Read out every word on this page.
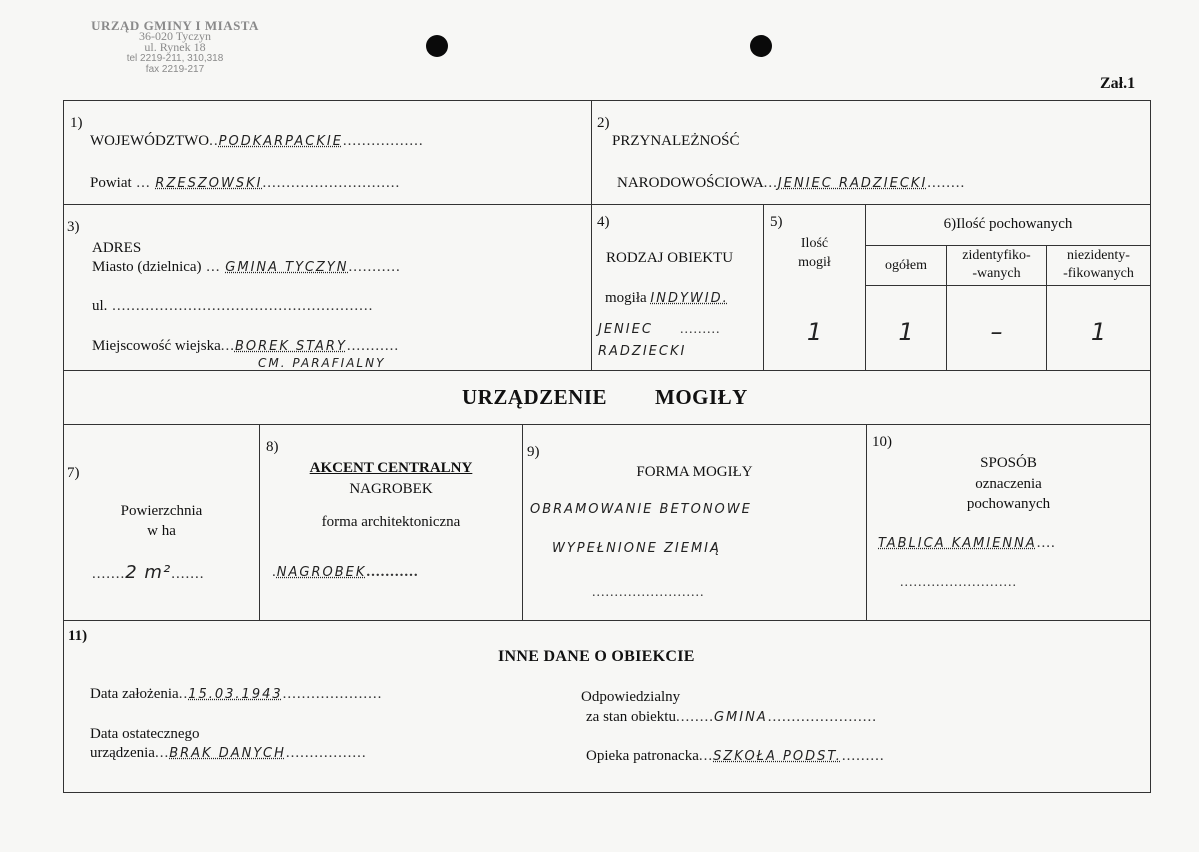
URZĄD GMINY I MIASTA
36-020 Tyczyn
ul. Rynek 18
tel 2219-211, 310,318
fax 2219-217
Zał.1
1)
WOJEWÓDZTWO..PODKARPACKIE.................
Powiat ... RZESZOWSKI.............................
2)
PRZYNALEŻNOŚĆ
NARODOWOŚCIOWA...JENIEC RADZIECKI........
3)
ADRES
Miasto (dzielnica) ... GMINA TYCZYN...........
ul. .......................................................
Miejscowość wiejska...BOREK STARY...........
CM. PARAFIALNY
4)
RODZAJ OBIEKTU
mogiła INDYWID.
JENIEC .........
RADZIECKI
5)
Ilość
mogił
1
6)Ilość pochowanych
ogółem
zidentyfiko-
-wanych
niezidenty-
-fikowanych
1	–	1
URZĄDZENIE MOGIŁY
7)
Powierzchnia
w ha
.......2 m².......
8)
AKCENT CENTRALNY
NAGROBEK
forma architektoniczna
.NAGROBEK...........
9)
FORMA MOGIŁY
OBRAMOWANIE BETONOWE
WYPEŁNIONE ZIEMIĄ
.........................
10)
SPOSÓB
oznaczenia
pochowanych
TABLICA KAMIENNA....
..........................
11)
INNE DANE O OBIEKCIE
Data założenia..15.03.1943.....................
Data ostatecznego
urządzenia...BRAK DANYCH.................
Odpowiedzialny
za stan obiektu........GMINA.......................
Opieka patronacka...SZKOŁA PODST..........
